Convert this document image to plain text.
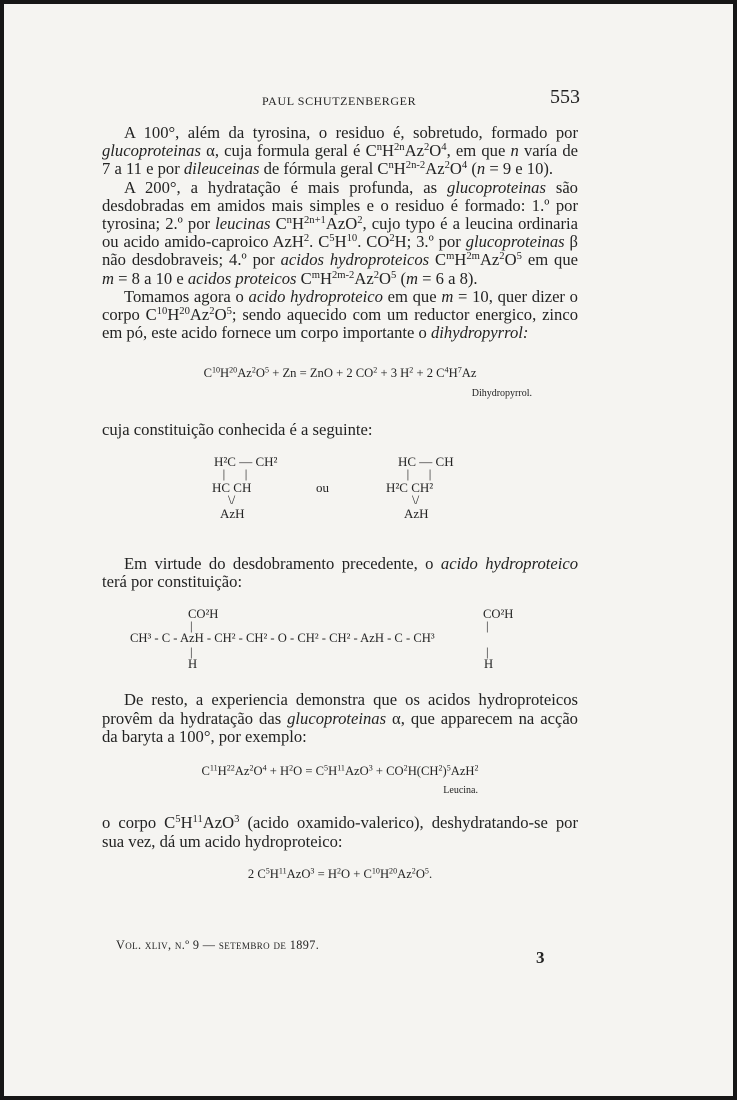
PAUL SCHUTZENBERGER	553

A 100°, além da tyrosina, o residuo é, sobretudo, formado por glucoproteinas α, cuja formula geral é $C^nH^{2n}Az^2O^4$, em que n varía de 7 a 11 e por dileuceinas de fórmula geral $C^nH^{2n-2}Az^2O^4$ (n = 9 e 10).

A 200°, a hydratação é mais profunda, as glucoproteinas são desdobradas em amidos mais simples e o residuo é formado: 1.º por tyrosina; 2.º por leucinas $C^nH^{2n+1}AzO^2$, cujo typo é a leucina ordinaria ou acido amido-caproico AzH$^2$. $C^5H^{10}$. $CO^2H$; 3.º por glucoproteinas β não desdobraveis; 4.º por acidos hydroproteicos $C^mH^{2m}Az^2O^5$ em que m = 8 a 10 e acidos proteicos $C^mH^{2m-2}Az^2O^5$ (m = 6 a 8).

Tomamos agora o acido hydroproteico em que m = 10, quer dizer o corpo $C^{10}H^{20}Az^2O^5$; sendo aquecido com um reductor energico, zinco em pó, este acido fornece um corpo importante o dihydropyrrol:

$C^{10}H^{20}Az^2O^5 + Zn$ = ZnO + 2 $CO^2 + 3$ $H^2 + 2$ $C^4H^7Az$
Dihydropyrrol.

cuja constituição conhecida é a seguinte:

H²C — CH²
|      |
HC CH
\/
AzH
ou
HC — CH
|      |
H²C CH²
\/
AzH

Em virtude do desdobramento precedente, o acido hydroproteico terá por constituição:

CO²H	CO²H
|	|
CH³ - C - AzH - CH² - CH² - O - CH² - CH² - AzH - C - CH³
|	|
H	H

De resto, a experiencia demonstra que os acidos hydroproteicos provêm da hydratação das glucoproteinas α, que apparecem na acção da baryta a 100°, por exemplo:

$C^{11}H^{22}Az^2O^4 + H^2O = C^5H^{11}AzO^3 + CO^2H(CH^2)^5AzH^2$
Leucina.

o corpo $C^5H^{11}AzO^3$ (acido oxamido-valerico), deshydratando-se por sua vez, dá um acido hydroproteico:

2 $C^5H^{11}AzO^3 = H^2O + C^{10}H^{20}Az^2O^5$.
Vol. xliv, n.º 9 — setembro de 1897.
3
